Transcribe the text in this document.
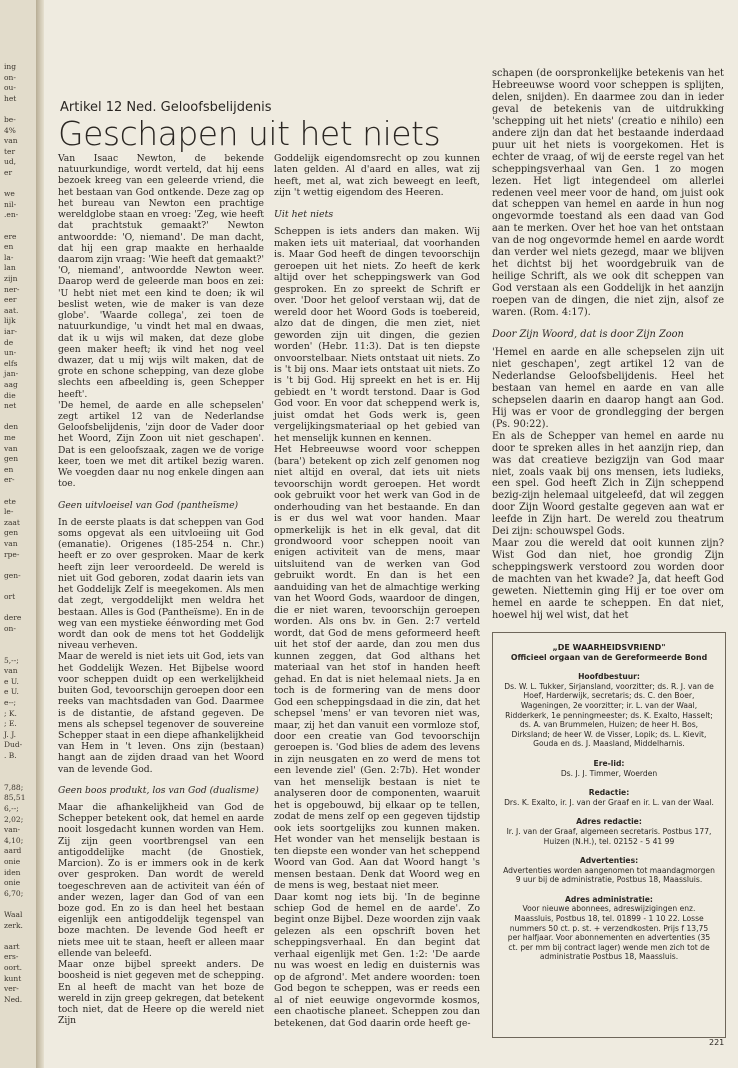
ing
on-
ou-
het
be-
4%
van
ter
ud,
er
we
nil-
.en-
ere
en
la-
lan
zijn
ner-
eer
aat.
lijk
iar-
de
un-
elfs
jan-
aag
die
net
den
me
van
gen
en
er-
ete
le-
zaat
gen
van
rpe-
gen-
ort
dere
on-
5,--;
van
e U.
e U.
e--;
; K.
; E.
J. J.
Dud-
. B.
7,88;
85,51
6,--;
2,02;
van-
4,10;
aard
onie
iden
onie
6,70;
Waal
zerk.
aart
ers-
oort.
kunt
ver-
Ned.
Artikel 12 Ned. Geloofsbelijdenis
Geschapen uit het niets

Van Isaac Newton, de bekende natuurkundige, wordt verteld, dat hij eens bezoek kreeg van een geleerde vriend, die het bestaan van God ontkende. Deze zag op het bureau van Newton een prachtige wereldglobe staan en vroeg: 'Zeg, wie heeft dat prachtstuk gemaakt?' Newton antwoordde: 'O, niemand'. De man dacht, dat hij een grap maakte en herhaalde daarom zijn vraag: 'Wie heeft dat gemaakt?' 'O, niemand', antwoordde Newton weer. Daarop werd de geleerde man boos en zei: 'U hebt niet met een kind te doen; ik wil beslist weten, wie de maker is van deze globe'. 'Waarde collega', zei toen de natuurkundige, 'u vindt het mal en dwaas, dat ik u wijs wil maken, dat deze globe geen maker heeft; ik vind het nog veel dwazer, dat u mij wijs wilt maken, dat de grote en schone schepping, van deze globe slechts een afbeelding is, geen Schepper heeft'.

'De hemel, de aarde en alle schepselen' zegt artikel 12 van de Nederlandse Geloofsbelijdenis, 'zijn door de Vader door het Woord, Zijn Zoon uit niet geschapen'. Dat is een geloofszaak, zagen we de vorige keer, toen we met dit artikel bezig waren. We voegden daar nu nog enkele dingen aan toe.

Geen uitvloeisel van God (pantheïsme)

In de eerste plaats is dat scheppen van God soms opgevat als een uitvloeiing uit God (emanatie). Origenes (185-254 n. Chr.) heeft er zo over gesproken. Maar de kerk heeft zijn leer veroordeeld. De wereld is niet uit God geboren, zodat daarin iets van het Goddelijk Zelf is meegekomen. Als men dat zegt, vergoddelijkt men weldra het bestaan. Alles is God (Pantheïsme). En in de weg van een mystieke éénwording met God wordt dan ook de mens tot het Goddelijk niveau verheven.

Maar de wereld is niet iets uit God, iets van het Goddelijk Wezen. Het Bijbelse woord voor scheppen duidt op een werkelijkheid buiten God, tevoorschijn geroepen door een reeks van machtsdaden van God. Daarmee is de distantie, de afstand gegeven. De mens als schepsel tegenover de souvereine Schepper staat in een diepe afhankelijkheid van Hem in 't leven. Ons zijn (bestaan) hangt aan de zijden draad van het Woord van de levende God.

Geen boos produkt, los van God (dualisme)

Maar die afhankelijkheid van God de Schepper betekent ook, dat hemel en aarde nooit losgedacht kunnen worden van Hem. Zij zijn geen voortbrengsel van een antigoddelijke macht (de Gnostiek, Marcion). Zo is er immers ook in de kerk over gesproken. Dan wordt de wereld toegeschreven aan de activiteit van één of ander wezen, lager dan God of van een boze god. En zo is dan heel het bestaan eigenlijk een antigoddelijk tegenspel van boze machten. De levende God heeft er niets mee uit te staan, heeft er alleen maar ellende van beleefd.

Maar onze bijbel spreekt anders. De boosheid is niet gegeven met de schepping. En al heeft de macht van het boze de wereld in zijn greep gekregen, dat betekent toch niet, dat de Heere op die wereld niet Zijn

Goddelijk eigendomsrecht op zou kunnen laten gelden. Al d'aard en alles, wat zij heeft, met al, wat zich beweegt en leeft, zijn 't wettig eigendom des Heeren.

Uit het niets

Scheppen is iets anders dan maken. Wij maken iets uit materiaal, dat voorhanden is. Maar God heeft de dingen tevoorschijn geroepen uit het niets. Zo heeft de kerk altijd over het scheppingswerk van God gesproken. En zo spreekt de Schrift er over. 'Door het geloof verstaan wij, dat de wereld door het Woord Gods is toebereid, alzo dat de dingen, die men ziet, niet geworden zijn uit dingen, die gezien worden' (Hebr. 11:3). Dat is ten diepste onvoorstelbaar. Niets ontstaat uit niets. Zo is 't bij ons. Maar iets ontstaat uit niets. Zo is 't bij God. Hij spreekt en het is er. Hij gebiedt en 't wordt terstond. Daar is God God voor. En voor dat scheppend werk is, juist omdat het Gods werk is, geen vergelijkingsmateriaal op het gebied van het menselijk kunnen en kennen.

Het Hebreeuwse woord voor scheppen (bara') betekent op zich zelf genomen nog niet altijd en overal, dat iets uit niets tevoorschijn wordt geroepen. Het wordt ook gebruikt voor het werk van God in de onderhouding van het bestaande. En dan is er dus wel wat voor handen. Maar opmerkelijk is het in elk geval, dat dit grondwoord voor scheppen nooit van enigen activiteit van de mens, maar uitsluitend van de werken van God gebruikt wordt. En dan is het een aanduiding van het de almachtige werking van het Woord Gods, waardoor de dingen, die er niet waren, tevoorschijn geroepen worden. Als ons bv. in Gen. 2:7 verteld wordt, dat God de mens geformeerd heeft uit het stof der aarde, dan zou men dus kunnen zeggen, dat God althans het materiaal van het stof in handen heeft gehad. En dat is niet helemaal niets. Ja en toch is de formering van de mens door God een scheppingsdaad in die zin, dat het schepsel 'mens' er van tevoren niet was, maar, zij het dan vanuit een vormloze stof, door een creatie van God tevoorschijn geroepen is. 'God blies de adem des levens in zijn neusgaten en zo werd de mens tot een levende ziel' (Gen. 2:7b). Het wonder van het menselijk bestaan is niet te analyseren door de componenten, waaruit het is opgebouwd, bij elkaar op te tellen, zodat de mens zelf op een gegeven tijdstip ook iets soortgelijks zou kunnen maken. Het wonder van het menselijk bestaan is ten diepste een wonder van het scheppend Woord van God. Aan dat Woord hangt 's mensen bestaan. Denk dat Woord weg en de mens is weg, bestaat niet meer.

Daar komt nog iets bij. 'In de beginne schiep God de hemel en de aarde'. Zo begint onze Bijbel. Deze woorden zijn vaak gelezen als een opschrift boven het scheppingsverhaal. En dan begint dat verhaal eigenlijk met Gen. 1:2: 'De aarde nu was woest en ledig en duisternis was op de afgrond'. Met andere woorden: toen God begon te scheppen, was er reeds een al of niet eeuwige ongevormde kosmos, een chaotische planeet. Scheppen zou dan betekenen, dat God daarin orde heeft ge-

schapen (de oorspronkelijke betekenis van het Hebreeuwse woord voor scheppen is splijten, delen, snijden). En daarmee zou dan in ieder geval de betekenis van de uitdrukking 'schepping uit het niets' (creatio e nihilo) een andere zijn dan dat het bestaande inderdaad puur uit het niets is voorgekomen. Het is echter de vraag, of wij de eerste regel van het scheppingsverhaal van Gen. 1 zo mogen lezen. Het ligt integendeel om allerlei redenen veel meer voor de hand, om juist ook dat scheppen van hemel en aarde in hun nog ongevormde toestand als een daad van God aan te merken. Over het hoe van het ontstaan van de nog ongevormde hemel en aarde wordt dan verder wel niets gezegd, maar we blijven het dichtst bij het woordgebruik van de heilige Schrift, als we ook dit scheppen van God verstaan als een Goddelijk in het aanzijn roepen van de dingen, die niet zijn, alsof ze waren. (Rom. 4:17).

Door Zijn Woord, dat is door Zijn Zoon

'Hemel en aarde en alle schepselen zijn uit niet geschapen', zegt artikel 12 van de Nederlandse Geloofsbelijdenis. Heel het bestaan van hemel en aarde en van alle schepselen daarin en daarop hangt aan God. Hij was er voor de grondlegging der bergen (Ps. 90:22).

En als de Schepper van hemel en aarde nu door te spreken alles in het aanzijn riep, dan was dat creatieve bezigzijn van God maar niet, zoals vaak bij ons mensen, iets ludieks, een spel. God heeft Zich in Zijn scheppend bezig-zijn helemaal uitgeleefd, dat wil zeggen door Zijn Woord gestalte gegeven aan wat er leefde in Zijn hart. De wereld zou theatrum Dei zijn: schouwspel Gods.

Maar zou die wereld dat ooit kunnen zijn? Wist God dan niet, hoe grondig Zijn scheppingswerk verstoord zou worden door de machten van het kwade? Ja, dat heeft God geweten. Niettemin ging Hij er toe over om hemel en aarde te scheppen. En dat niet, hoewel hij wel wist, dat het

„DE WAARHEIDSVRIEND"
Officieel orgaan van de Gereformeerde Bond
Hoofdbestuur:
Ds. W. L. Tukker, Sirjansland, voorzitter; ds. R. J. van de Hoef, Harderwijk, secretaris; ds. C. den Boer, Wageningen, 2e voorzitter; ir. L. van der Waal, Ridderkerk, 1e penningmeester; ds. K. Exalto, Hasselt; ds. A. van Brummelen, Huizen; de heer H. Bos, Dirksland; de heer W. de Visser, Lopik; ds. L. Kievit, Gouda en ds. J. Maasland, Middelharnis.
Ere-lid:
Ds. J. J. Timmer, Woerden
Redactie:
Drs. K. Exalto, ir. J. van der Graaf en ir. L. van der Waal.
Adres redactie:
Ir. J. van der Graaf, algemeen secretaris. Postbus 177, Huizen (N.H.), tel. 02152 - 5 41 99
Advertenties:
Advertenties worden aangenomen tot maandagmorgen 9 uur bij de administratie, Postbus 18, Maassluis.
Adres administratie:
Voor nieuwe abonnees, adreswijzigingen enz. Maassluis, Postbus 18, tel. 01899 - 1 10 22. Losse nummers 50 ct. p. st. + verzendkosten. Prijs f 13,75 per halfjaar. Voor abonnementen en advertenties (35 ct. per mm bij contract lager) wende men zich tot de administratie Postbus 18, Maassluis.
221
